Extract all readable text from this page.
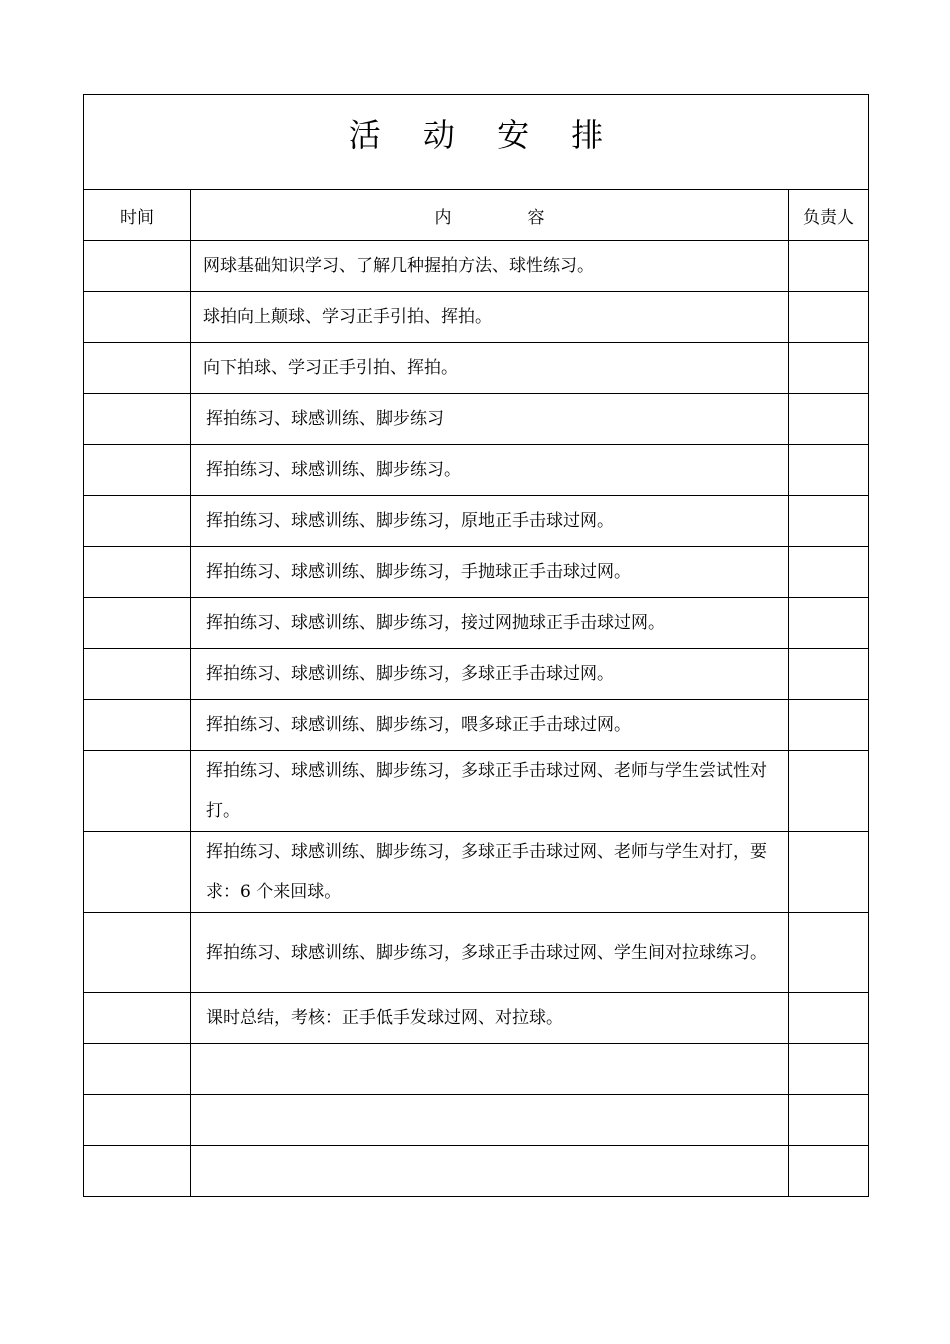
活 动 安 排		
时间	内 容	负责人
	网球基础知识学习、了解几种握拍方法、球性练习。	
	球拍向上颠球、学习正手引拍、挥拍。	
	向下拍球、学习正手引拍、挥拍。	
	挥拍练习、球感训练、脚步练习	
	挥拍练习、球感训练、脚步练习。	
	挥拍练习、球感训练、脚步练习，原地正手击球过网。	
	挥拍练习、球感训练、脚步练习，手抛球正手击球过网。	
	挥拍练习、球感训练、脚步练习，接过网抛球正手击球过网。	
	挥拍练习、球感训练、脚步练习，多球正手击球过网。	
	挥拍练习、球感训练、脚步练习，喂多球正手击球过网。	
	挥拍练习、球感训练、脚步练习，多球正手击球过网、老师与学生尝试性对打。	
	挥拍练习、球感训练、脚步练习，多球正手击球过网、老师与学生对打，要求：6 个来回球。	
	挥拍练习、球感训练、脚步练习，多球正手击球过网、学生间对拉球练习。	
	课时总结，考核：正手低手发球过网、对拉球。	
